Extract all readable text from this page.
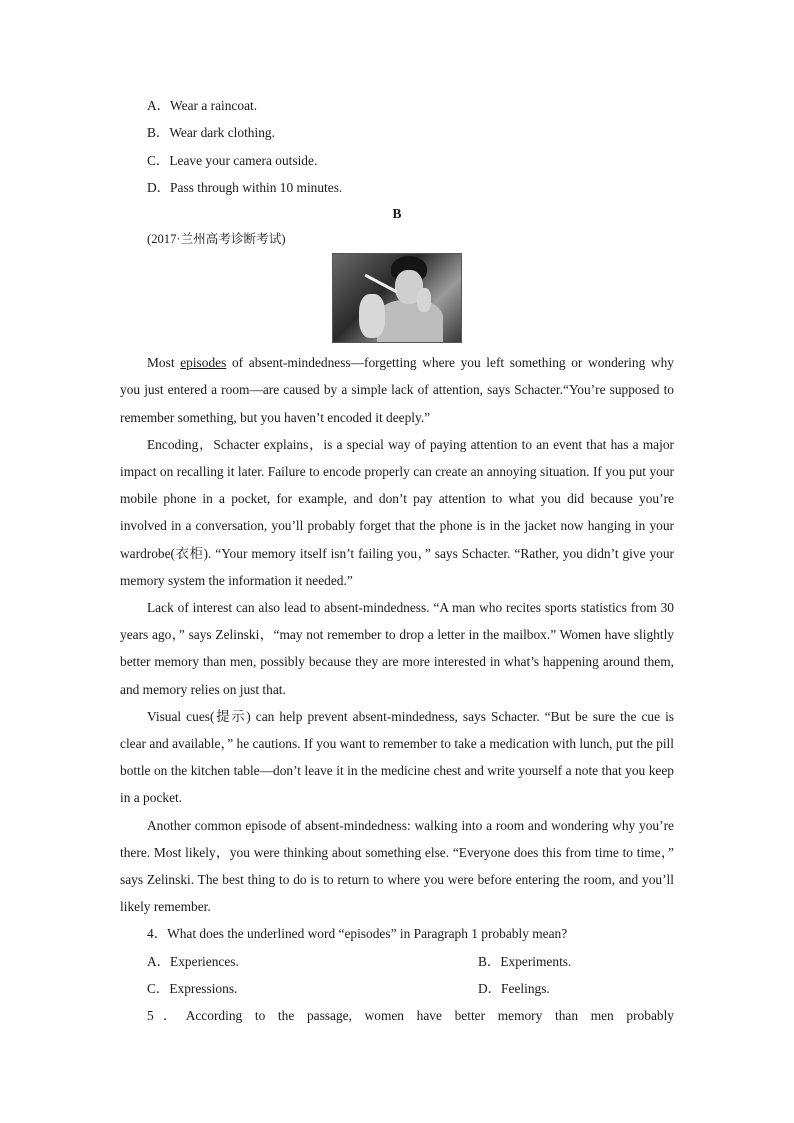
A．Wear a raincoat.
B．Wear dark clothing.
C．Leave your camera outside.
D．Pass through within 10 minutes.
B
(2017·兰州高考诊断考试)

Most episodes of absent-mindedness—forgetting where you left something or wondering why you just entered a room—are caused by a simple lack of attention, says Schacter.“You’re supposed to remember something, but you haven’t encoded it deeply.”

Encoding，Schacter explains，is a special way of paying attention to an event that has a major impact on recalling it later. Failure to encode properly can create an annoying situation. If you put your mobile phone in a pocket, for example, and don’t pay attention to what you did because you’re involved in a conversation, you’ll probably forget that the phone is in the jacket now hanging in your wardrobe(衣柜). “Your memory itself isn’t failing you，” says Schacter. “Rather, you didn’t give your memory system the information it needed.”

Lack of interest can also lead to absent-mindedness. “A man who recites sports statistics from 30 years ago，” says Zelinski，“may not remember to drop a letter in the mailbox.” Women have slightly better memory than men, possibly because they are more interested in what’s happening around them, and memory relies on just that.

Visual cues(提示) can help prevent absent-mindedness, says Schacter. “But be sure the cue is clear and available，” he cautions. If you want to remember to take a medication with lunch, put the pill bottle on the kitchen table—don’t leave it in the medicine chest and write yourself a note that you keep in a pocket.

Another common episode of absent-mindedness: walking into a room and wondering why you’re there. Most likely，you were thinking about something else. “Everyone does this from time to time，” says Zelinski. The best thing to do is to return to where you were before entering the room, and you’ll likely remember.

4．What does the underlined word “episodes” in Paragraph 1 probably mean?
A．Experiences.	B．Experiments.
C．Expressions.	D．Feelings.
5．According to the passage, women have better memory than men probably
